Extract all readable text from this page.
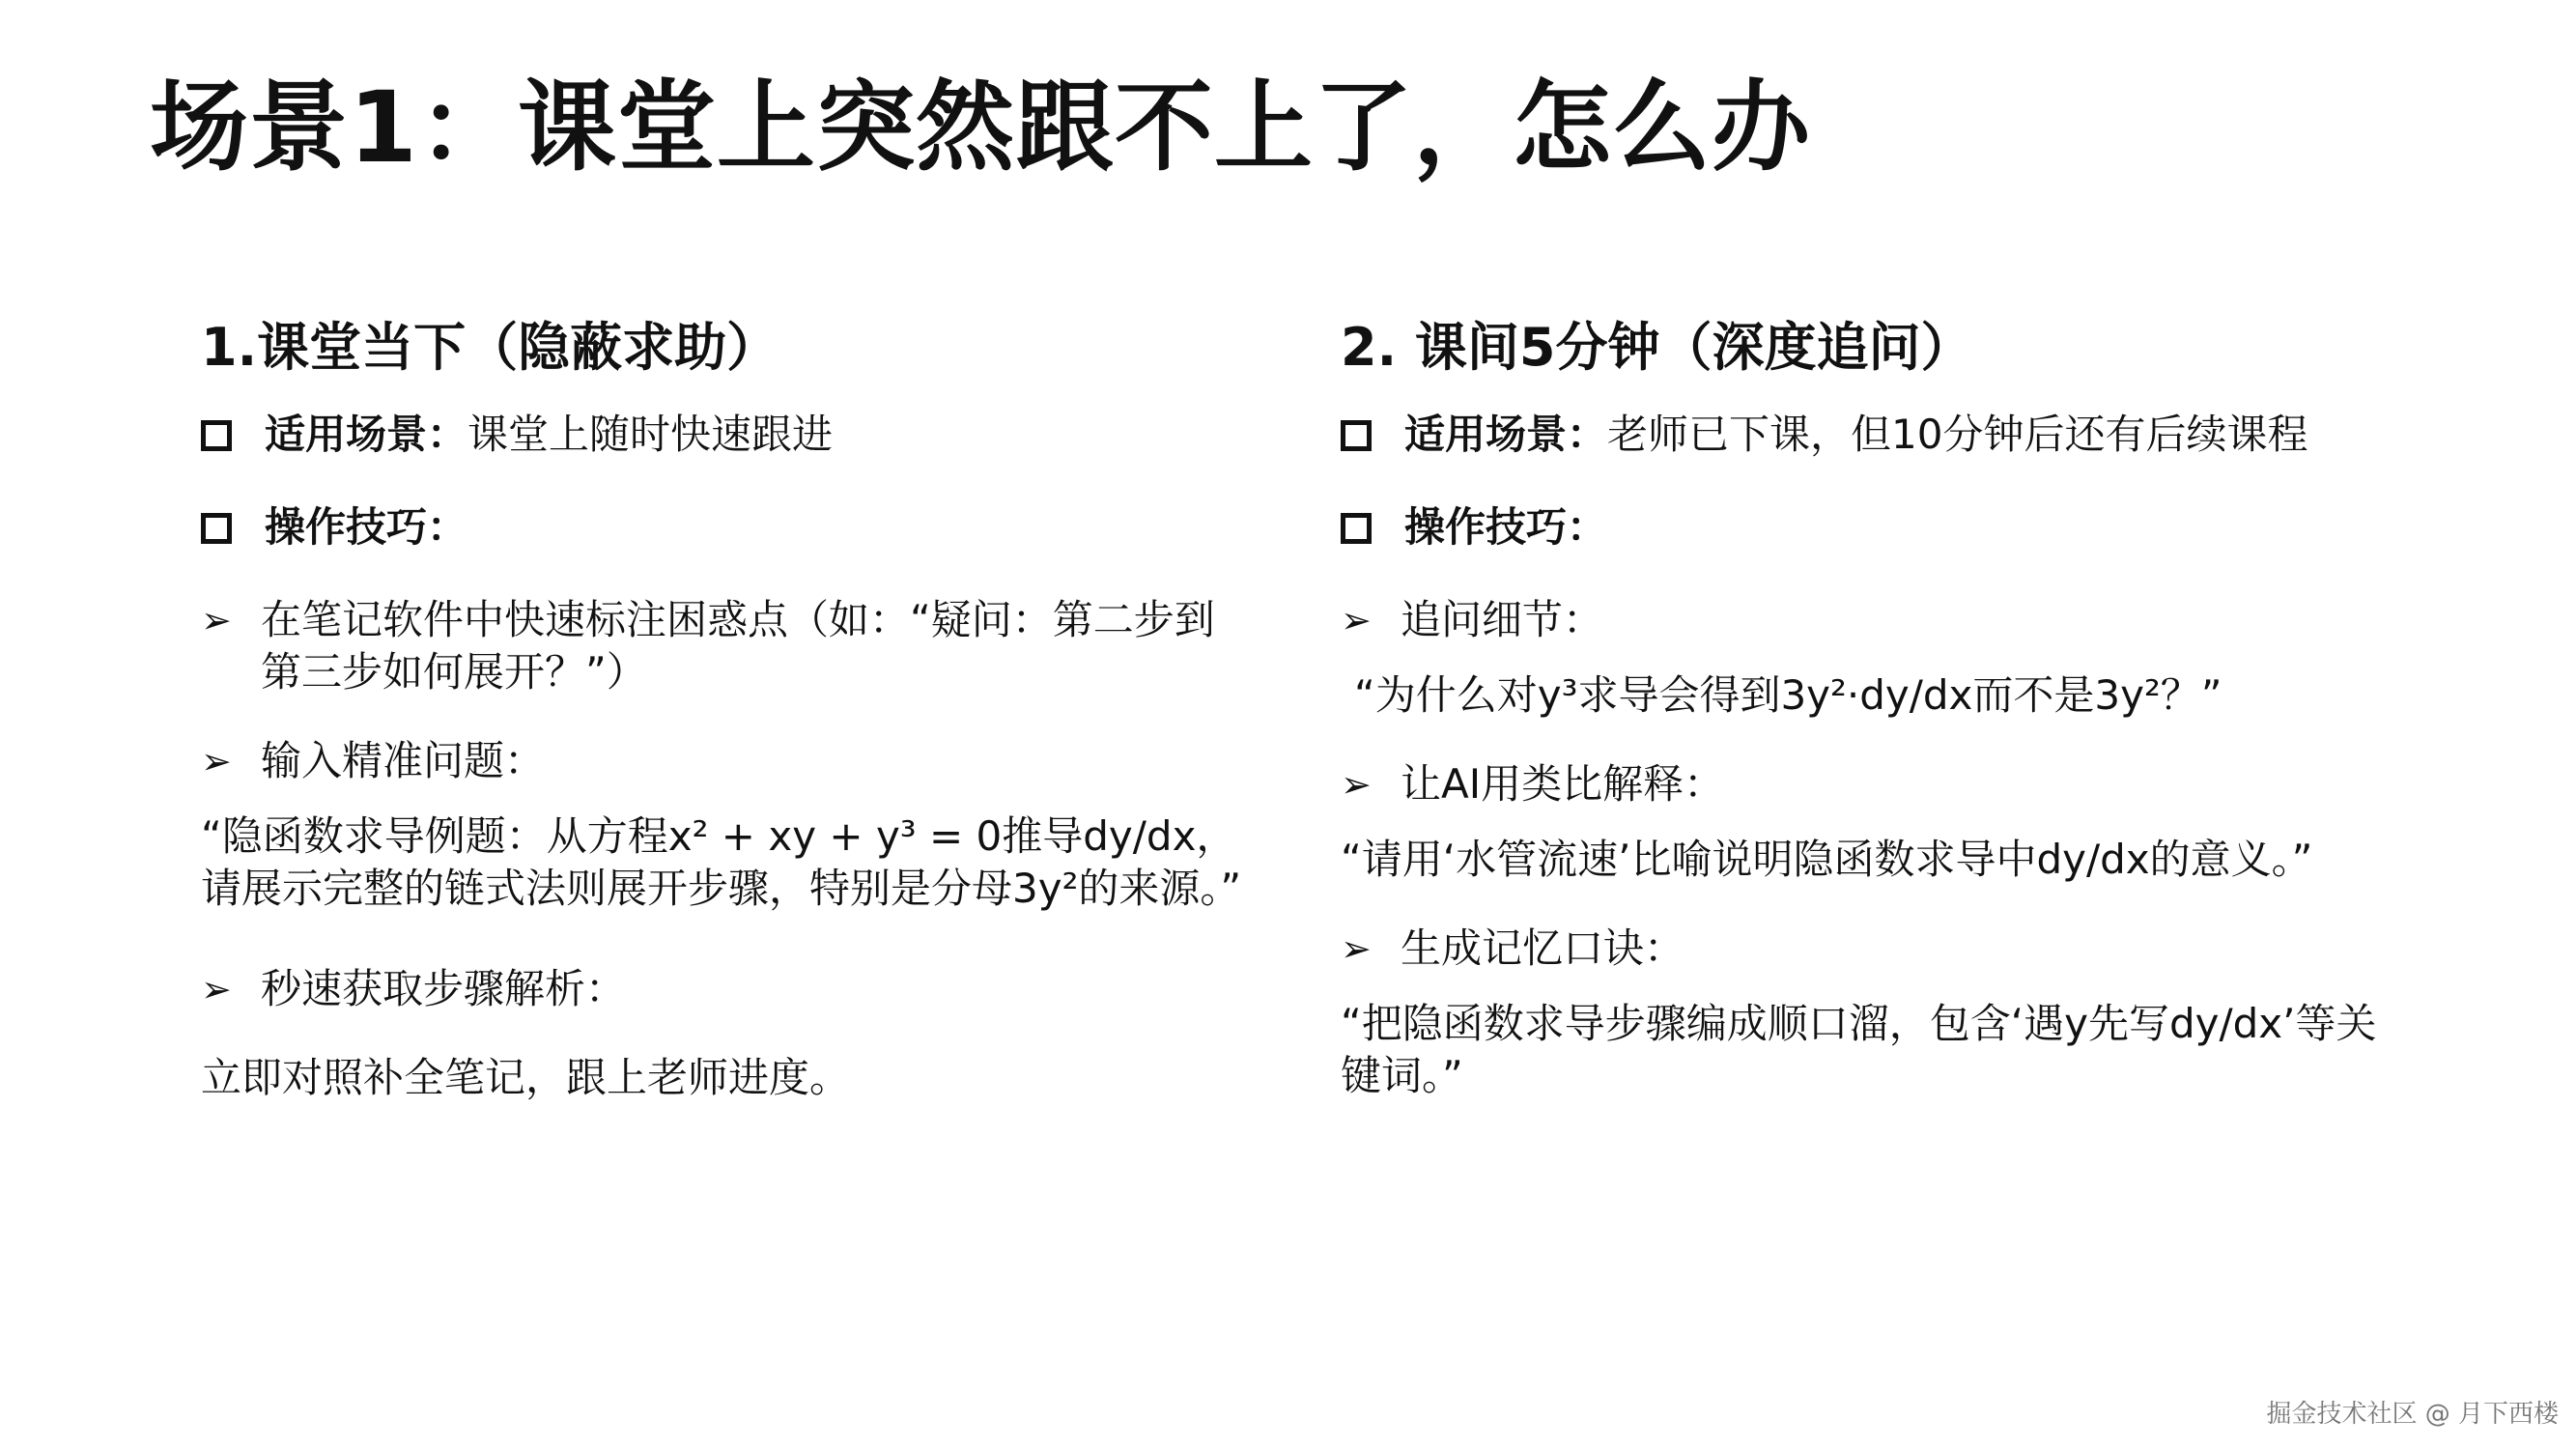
场景1：课堂上突然跟不上了，怎么办
1.课堂当下（隐蔽求助）
适用场景： 课堂上随时快速跟进
操作技巧：
➢ 在笔记软件中快速标注困惑点（如：“疑问：第二步到第三步如何展开？”）
➢ 输入精准问题：
“隐函数求导例题：从方程x² + xy + y³ = 0推导dy/dx，请展示完整的链式法则展开步骤，特别是分母3y²的来源。”
➢ 秒速获取步骤解析：
立即对照补全笔记，跟上老师进度。
2. 课间5分钟（深度追问）
适用场景： 老师已下课，但10分钟后还有后续课程
操作技巧：
➢ 追问细节：
“为什么对y³求导会得到3y²·dy/dx而不是3y²？”
➢ 让AI用类比解释：
“请用‘水管流速’比喻说明隐函数求导中dy/dx的意义。”
➢ 生成记忆口诀：
“把隐函数求导步骤编成顺口溜，包含‘遇y先写dy/dx’等关键词。”
掘金技术社区 @ 月下西楼
